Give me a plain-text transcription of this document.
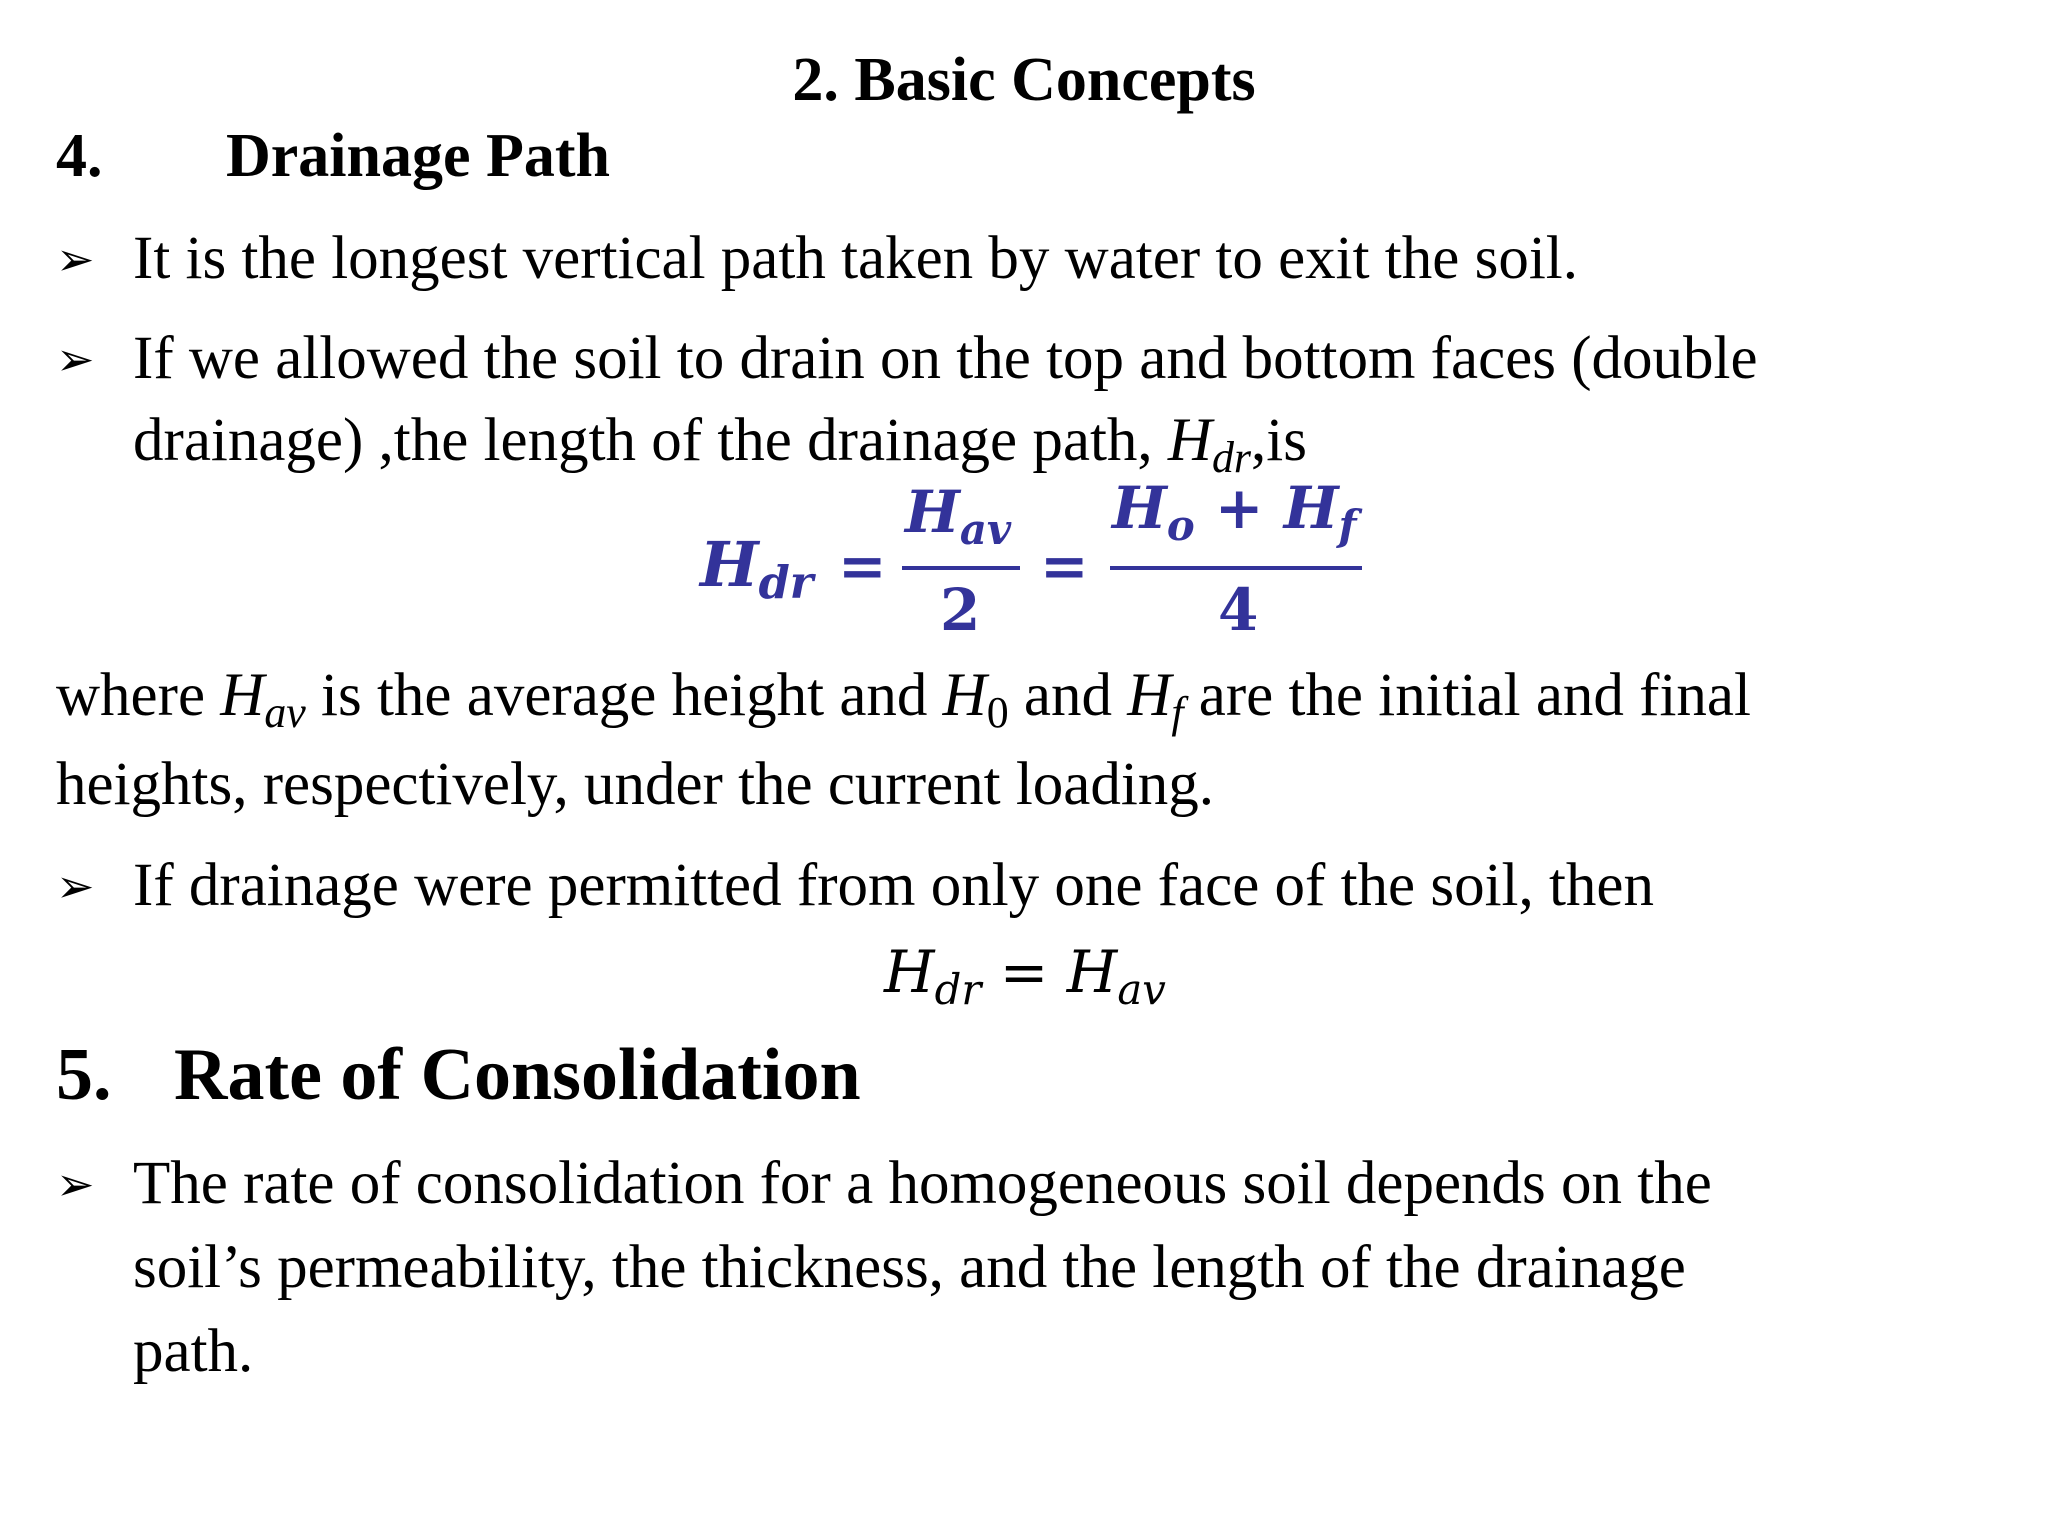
2. Basic Concepts
4. Drainage Path
➢ It is the longest vertical path taken by water to exit the soil.
➢ If we allowed the soil to drain on the top and bottom faces (double
drainage) ,the length of the drainage path, $H_{dr},is$
$H_{dr}$ =
$H_{av}$
2
=
$H_o + H_f$
4
where $H_{av}$ is the average height and $H_0$ and $H_f$ are the initial and final
heights, respectively, under the current loading.
➢ If drainage were permitted from only one face of the soil, then
$H_{dr} = H_{av}$
5. Rate of Consolidation
➢ The rate of consolidation for a homogeneous soil depends on the
soil’s permeability, the thickness, and the length of the drainage
path.
